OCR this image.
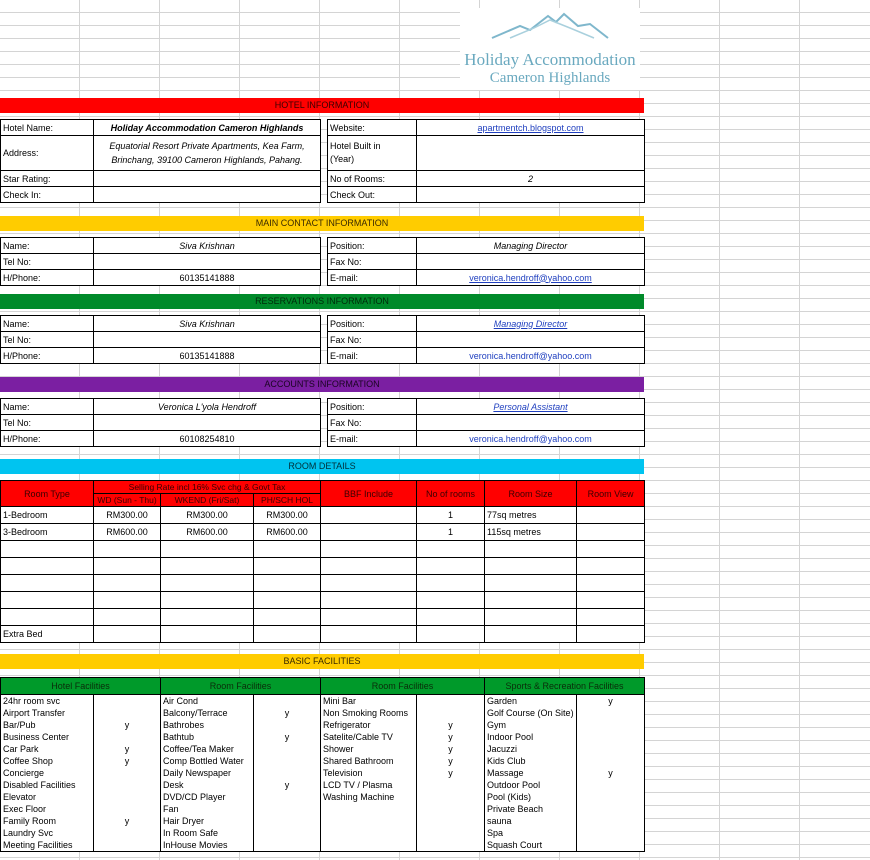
Holiday Accommodation
Cameron Highlands
HOTEL INFORMATION
Hotel Name:	Holiday Accommodation Cameron Highlands
Address:	Equatorial Resort Private Apartments, Kea Farm,
Brinchang, 39100 Cameron Highlands, Pahang.

Star Rating:	
Check In:	
Website:	apartmentch.blogspot.com

Hotel Built in
(Year)	

No of Rooms:	2
Check Out:	
MAIN CONTACT INFORMATION
Name:	Siva Krishnan
Tel No:	
H/Phone:	60135141888
Position:	Managing Director
Fax No:	
E-mail:	veronica.hendroff@yahoo.com
RESERVATIONS INFORMATION
Name:	Siva Krishnan
Tel No:	
H/Phone:	60135141888
Position:	Managing Director
Fax No:	
E-mail:	veronica.hendroff@yahoo.com
ACCOUNTS INFORMATION
Name:	Veronica L'yola Hendroff
Tel No:	
H/Phone:	60108254810
Position:	Personal Assistant
Fax No:	
E-mail:	veronica.hendroff@yahoo.com
ROOM DETAILS
Room Type	Selling Rate incl 16% Svc chg & Govt Tax			BBF Include	No of rooms	Room Size	Room View
	WD (Sun - Thu)	WKEND (Fri/Sat)	PH/SCH HOL				
1-Bedroom	RM300.00	RM300.00	RM300.00		1	77sq metres	
3-Bedroom	RM600.00	RM600.00	RM600.00		1	115sq metres	

Extra Bed							
BASIC FACILITIES
Hotel Facilities		Room Facilities		Room Facilities		Sports & Recreation Facilities	
24hr room svc		Air Cond		Mini Bar		Garden	y
Airport Transfer		Balcony/Terrace	y	Non Smoking Rooms		Golf Course (On Site)	
Bar/Pub	y	Bathrobes		Refrigerator	y	Gym	
Business Center		Bathtub	y	Satelite/Cable TV	y	Indoor Pool	
Car Park	y	Coffee/Tea Maker		Shower	y	Jacuzzi	
Coffee Shop	y	Comp Bottled Water		Shared Bathroom	y	Kids Club	
Concierge		Daily Newspaper		Television	y	Massage	y
Disabled Facilities		Desk	y	LCD TV / Plasma		Outdoor Pool	
Elevator		DVD/CD Player		Washing Machine		Pool (Kids)	
Exec Floor		Fan				Private Beach	
Family Room	y	Hair Dryer				sauna	
Laundry Svc		In Room Safe				Spa	
Meeting Facilities		InHouse Movies				Squash Court	
